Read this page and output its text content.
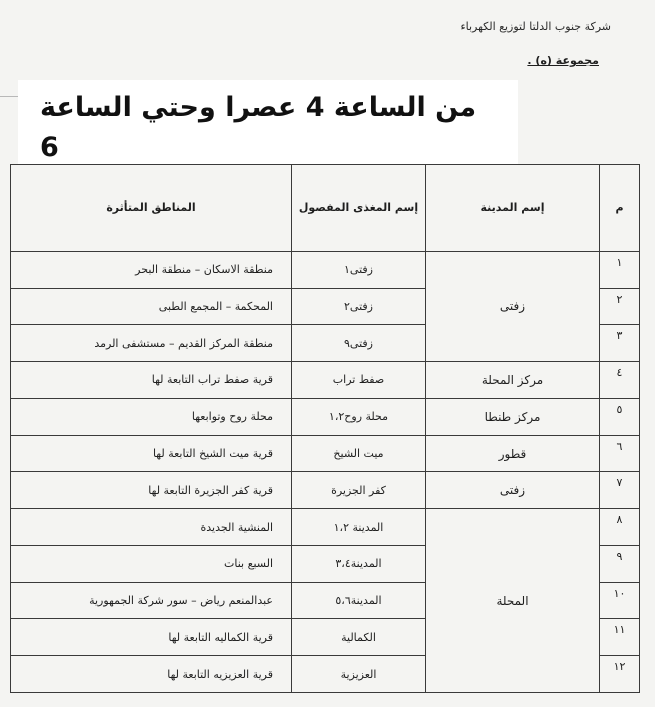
شركة جنوب الدلتا لتوزيع الكهرباء
مجموعة (ه) .
من الساعة 4 عصرا وحتي الساعة 6
م	إسم المدينة	إسم المغذى المفصول	المناطق المتأثرة
١	زفتى	زفتى١	منطقة الاسكان – منطقة البحر
٢		زفتى٢	المحكمة – المجمع الطبى
٣		زفتى٩	منطقة المركز القديم – مستشفى الرمد
٤	مركز المحلة	صفط تراب	قرية صفط تراب التابعة لها
٥	مركز طنطا	محلة روح١،٢	محلة روح وتوابعها
٦	قطور	ميت الشيخ	قرية ميت الشيخ التابعة لها
٧	زفتى	كفر الجزيرة	قرية كفر الجزيرة التابعة لها
٨	المحلة	المدينة ١،٢	المنشية الجديدة
٩		المدينة٣،٤	السبع بنات
١٠		المدينة٥،٦	عبدالمنعم رياض – سور شركة الجمهورية
١١		الكمالية	قرية الكماليه التابعة لها
١٢		العزيزية	قرية العزيزيه التابعة لها
